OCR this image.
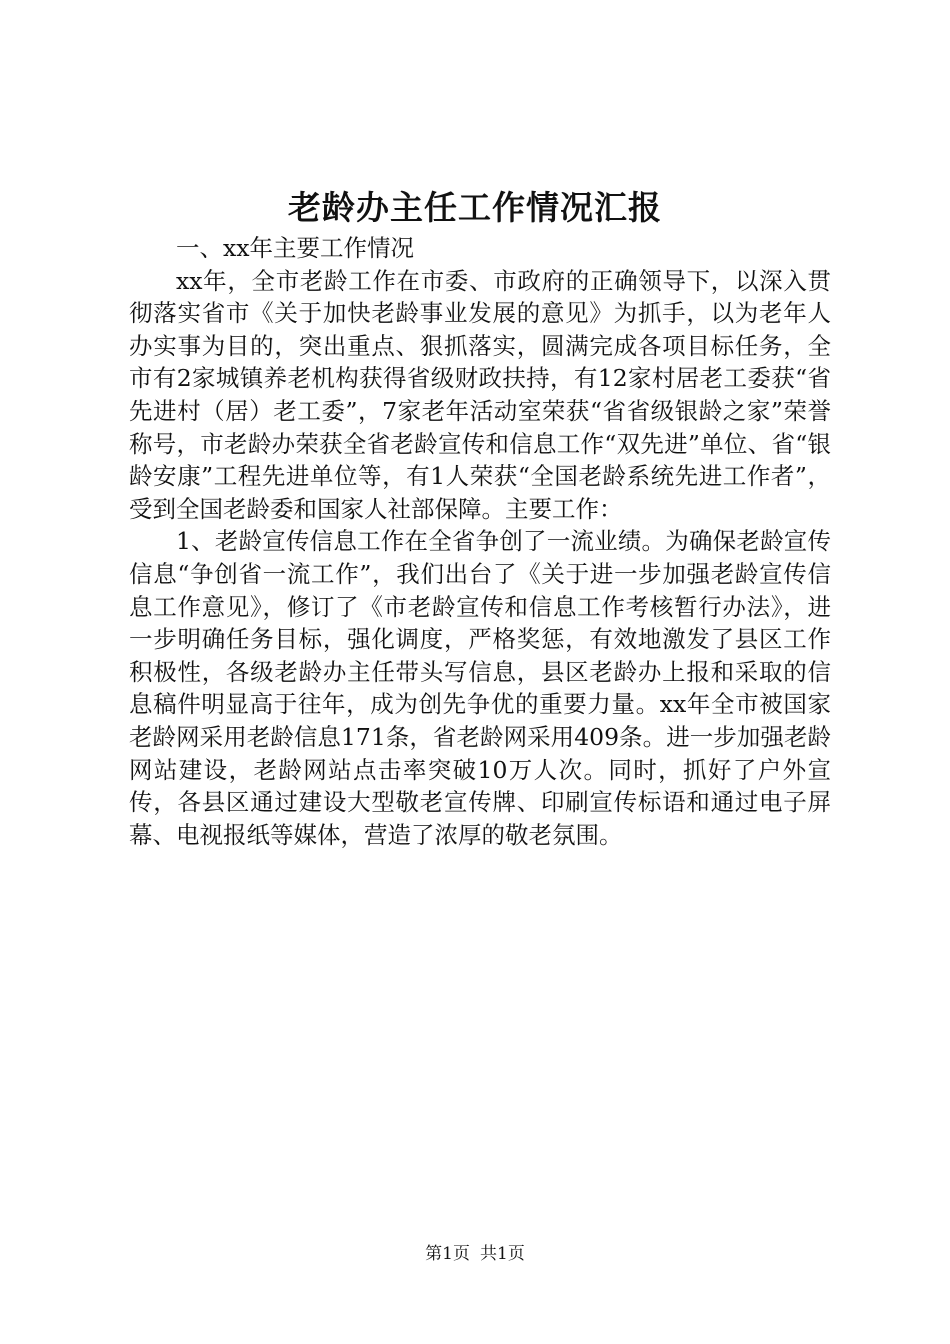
老龄办主任工作情况汇报

一、xx年主要工作情况

xx年，全市老龄工作在市委、市政府的正确领导下，以深入贯彻落实省市《关于加快老龄事业发展的意见》为抓手，以为老年人办实事为目的，突出重点、狠抓落实，圆满完成各项目标任务，全市有2家城镇养老机构获得省级财政扶持，有12家村居老工委获“省先进村（居）老工委”，7家老年活动室荣获“省省级银龄之家”荣誉称号，市老龄办荣获全省老龄宣传和信息工作“双先进”单位、省“银龄安康”工程先进单位等，有1人荣获“全国老龄系统先进工作者”，受到全国老龄委和国家人社部保障。主要工作：

1、老龄宣传信息工作在全省争创了一流业绩。为确保老龄宣传信息“争创省一流工作”，我们出台了《关于进一步加强老龄宣传信息工作意见》，修订了《市老龄宣传和信息工作考核暂行办法》，进一步明确任务目标，强化调度，严格奖惩，有效地激发了县区工作积极性，各级老龄办主任带头写信息，县区老龄办上报和采取的信息稿件明显高于往年，成为创先争优的重要力量。xx年全市被国家老龄网采用老龄信息171条，省老龄网采用409条。进一步加强老龄网站建设，老龄网站点击率突破10万人次。同时，抓好了户外宣传，各县区通过建设大型敬老宣传牌、印刷宣传标语和通过电子屏幕、电视报纸等媒体，营造了浓厚的敬老氛围。

第1页 共1页
